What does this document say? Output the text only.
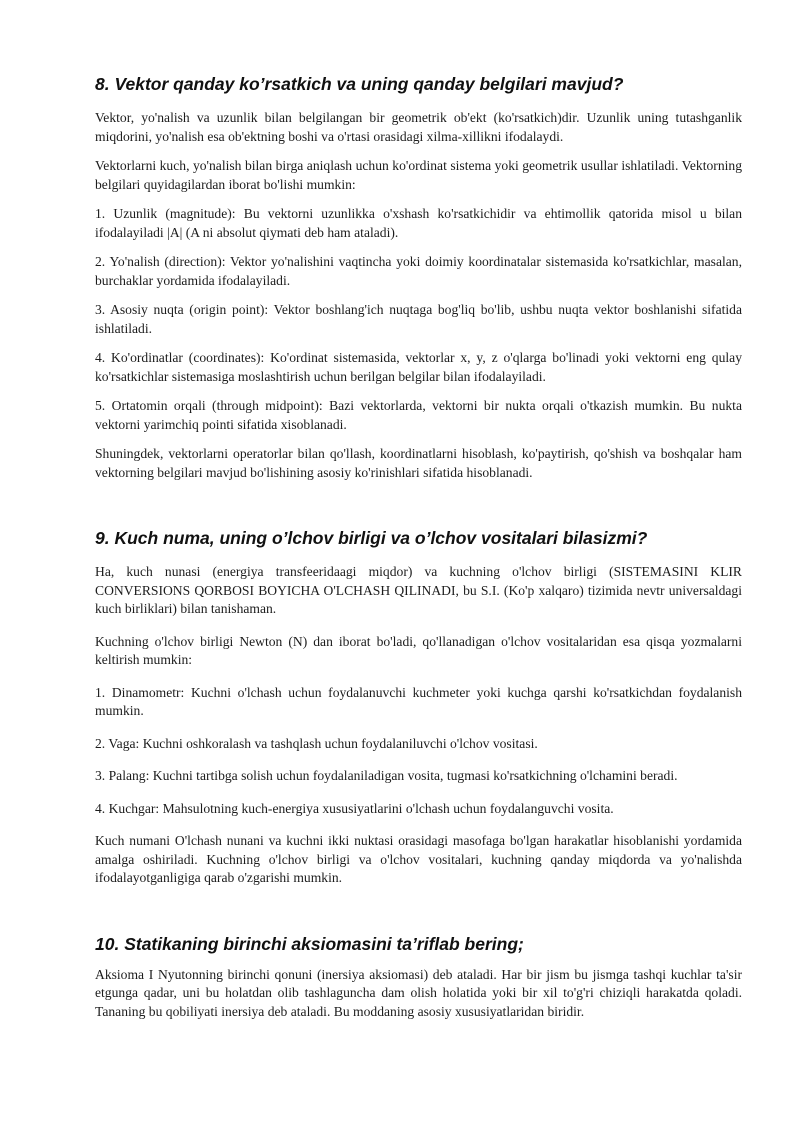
8. Vektor qanday ko’rsatkich va uning qanday belgilari mavjud?

Vektor, yo'nalish va uzunlik bilan belgilangan bir geometrik ob'ekt (ko'rsatkich)dir. Uzunlik uning tutashganlik miqdorini, yo'nalish esa ob'ektning boshi va o'rtasi orasidagi xilma-xillikni ifodalaydi.

Vektorlarni kuch, yo'nalish bilan birga aniqlash uchun ko'ordinat sistema yoki geometrik usullar ishlatiladi. Vektorning belgilari quyidagilardan iborat bo'lishi mumkin:

1. Uzunlik (magnitude): Bu vektorni uzunlikka o'xshash ko'rsatkichidir va ehtimollik qatorida misol u bilan ifodalayiladi |A| (A ni absolut qiymati deb ham ataladi).

2. Yo'nalish (direction): Vektor yo'nalishini vaqtincha yoki doimiy koordinatalar sistemasida ko'rsatkichlar, masalan, burchaklar yordamida ifodalayiladi.

3. Asosiy nuqta (origin point): Vektor boshlang'ich nuqtaga bog'liq bo'lib, ushbu nuqta vektor boshlanishi sifatida ishlatiladi.

4. Ko'ordinatlar (coordinates): Ko'ordinat sistemasida, vektorlar x, y, z o'qlarga bo'linadi yoki vektorni eng qulay ko'rsatkichlar sistemasiga moslashtirish uchun berilgan belgilar bilan ifodalayiladi.

5. Ortatomin orqali (through midpoint): Bazi vektorlarda, vektorni bir nukta orqali o'tkazish mumkin. Bu nukta vektorni yarimchiq pointi sifatida xisoblanadi.

Shuningdek, vektorlarni operatorlar bilan qo'llash, koordinatlarni hisoblash, ko'paytirish, qo'shish va boshqalar ham vektorning belgilari mavjud bo'lishining asosiy ko'rinishlari sifatida hisoblanadi.

9. Kuch numa, uning o’lchov birligi va o’lchov vositalari bilasizmi?

Ha, kuch nunasi (energiya transfeeridaagi miqdor) va kuchning o'lchov birligi (SISTEMASINI KLIR CONVERSIONS QORBOSI BOYICHA O'LCHASH QILINADI, bu S.I. (Ko'p xalqaro) tizimida nevtr universaldagi kuch birliklari) bilan tanishaman.

Kuchning o'lchov birligi Newton (N) dan iborat bo'ladi, qo'llanadigan o'lchov vositalaridan esa qisqa yozmalarni keltirish mumkin:

1. Dinamometr: Kuchni o'lchash uchun foydalanuvchi kuchmeter yoki kuchga qarshi ko'rsatkichdan foydalanish mumkin.

2. Vaga: Kuchni oshkoralash va tashqlash uchun foydalaniluvchi o'lchov vositasi.

3. Palang: Kuchni tartibga solish uchun foydalaniladigan vosita, tugmasi ko'rsatkichning o'lchamini beradi.

4. Kuchgar: Mahsulotning kuch-energiya xususiyatlarini o'lchash uchun foydalanguvchi vosita.

Kuch numani O'lchash nunani va kuchni ikki nuktasi orasidagi masofaga bo'lgan harakatlar hisoblanishi yordamida amalga oshiriladi. Kuchning o'lchov birligi va o'lchov vositalari, kuchning qanday miqdorda va yo'nalishda ifodalayotganligiga qarab o'zgarishi mumkin.

10. Statikaning birinchi aksiomasini ta’riflab bering;

Aksioma I Nyutonning birinchi qonuni (inersiya aksiomasi) deb ataladi. Har bir jism bu jismga tashqi kuchlar ta'sir etgunga qadar, uni bu holatdan olib tashlaguncha dam olish holatida yoki bir xil to'g'ri chiziqli harakatda qoladi. Tananing bu qobiliyati inersiya deb ataladi. Bu moddaning asosiy xususiyatlaridan biridir.
